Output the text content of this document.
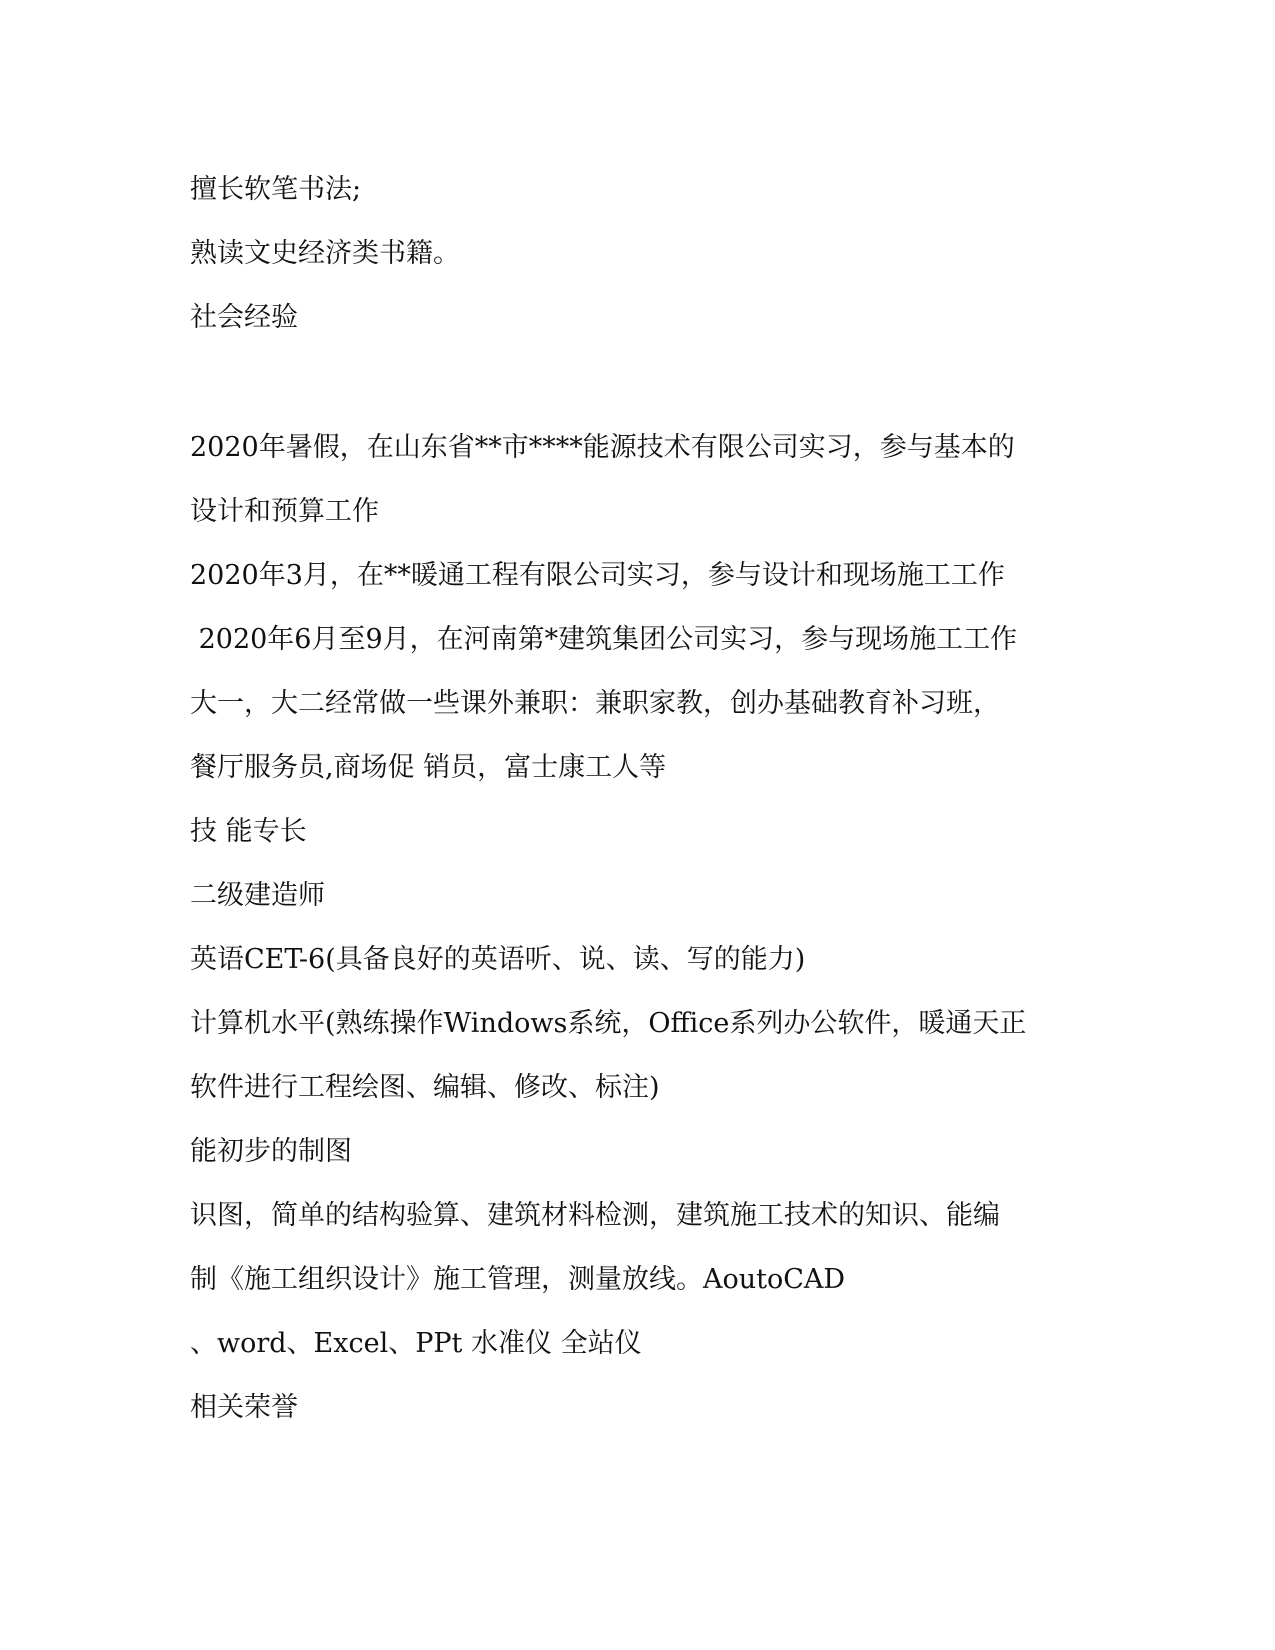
擅长软笔书法;
熟读文史经济类书籍。
社会经验
2020年暑假，在山东省**市****能源技术有限公司实习，参与基本的
设计和预算工作
2020年3月，在**暖通工程有限公司实习，参与设计和现场施工工作
2020年6月至9月，在河南第*建筑集团公司实习，参与现场施工工作
大一，大二经常做一些课外兼职：兼职家教，创办基础教育补习班，
餐厅服务员,商场促 销员，富士康工人等
技 能专长
二级建造师
英语CET-6(具备良好的英语听、说、读、写的能力)
计算机水平(熟练操作Windows系统，Office系列办公软件，暖通天正
软件进行工程绘图、编辑、修改、标注)
能初步的制图
识图，简单的结构验算、建筑材料检测，建筑施工技术的知识、能编
制《施工组织设计》施工管理，测量放线。AoutoCAD
、word、Excel、PPt 水准仪 全站仪
相关荣誉
